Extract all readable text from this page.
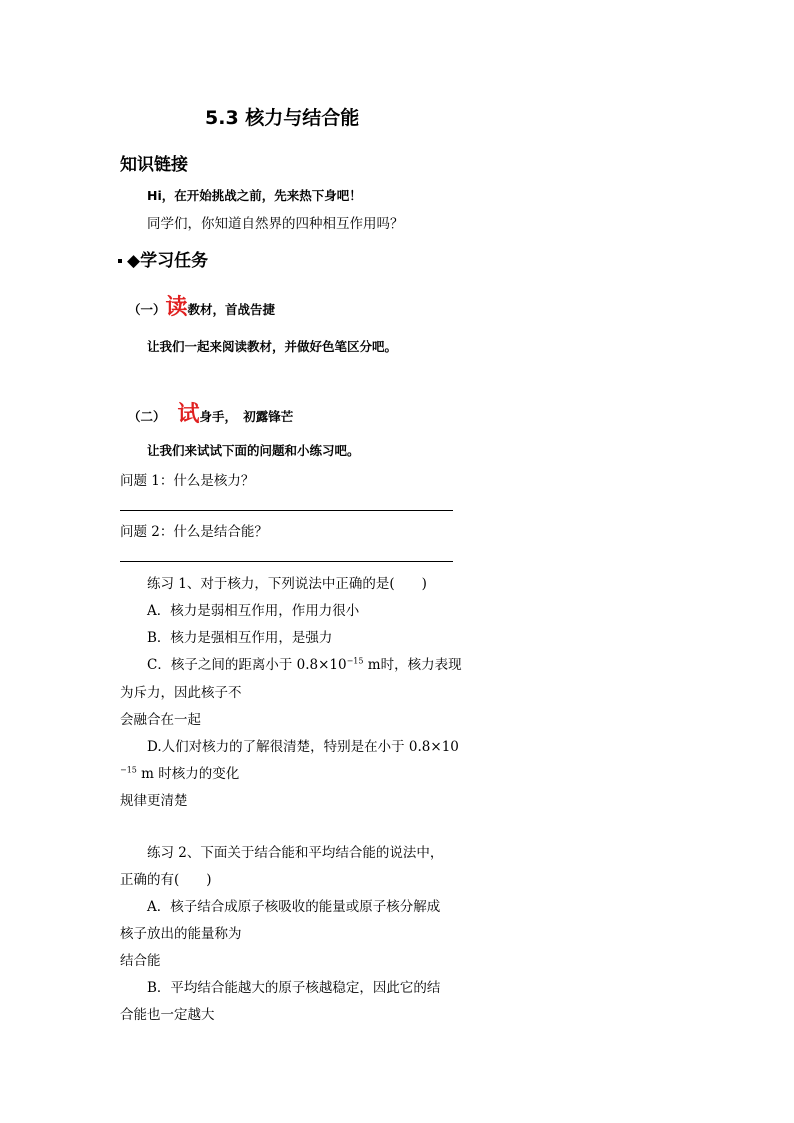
5.3 核力与结合能
知识链接
Hi，在开始挑战之前，先来热下身吧！
同学们，你知道自然界的四种相互作用吗？
◆学习任务
（一）读教材，首战告捷
让我们一起来阅读教材，并做好色笔区分吧。
（二） 试身手，　初露锋芒
让我们来试试下面的问题和小练习吧。
问题 1：什么是核力？
问题 2：什么是结合能？
练习 1、对于核力，下列说法中正确的是(　　)
A．核力是弱相互作用，作用力很小
B．核力是强相互作用，是强力
C．核子之间的距离小于 $0.8\times 10^{-15}$ m时，核力表现
为斥力，因此核子不
会融合在一起
D.人们对核力的了解很清楚，特别是在小于 0.8×10
$^{-15}$ m 时核力的变化
规律更清楚
练习 2、下面关于结合能和平均结合能的说法中，
正确的有(　　)
A．核子结合成原子核吸收的能量或原子核分解成
核子放出的能量称为
结合能
B．平均结合能越大的原子核越稳定，因此它的结
合能也一定越大
